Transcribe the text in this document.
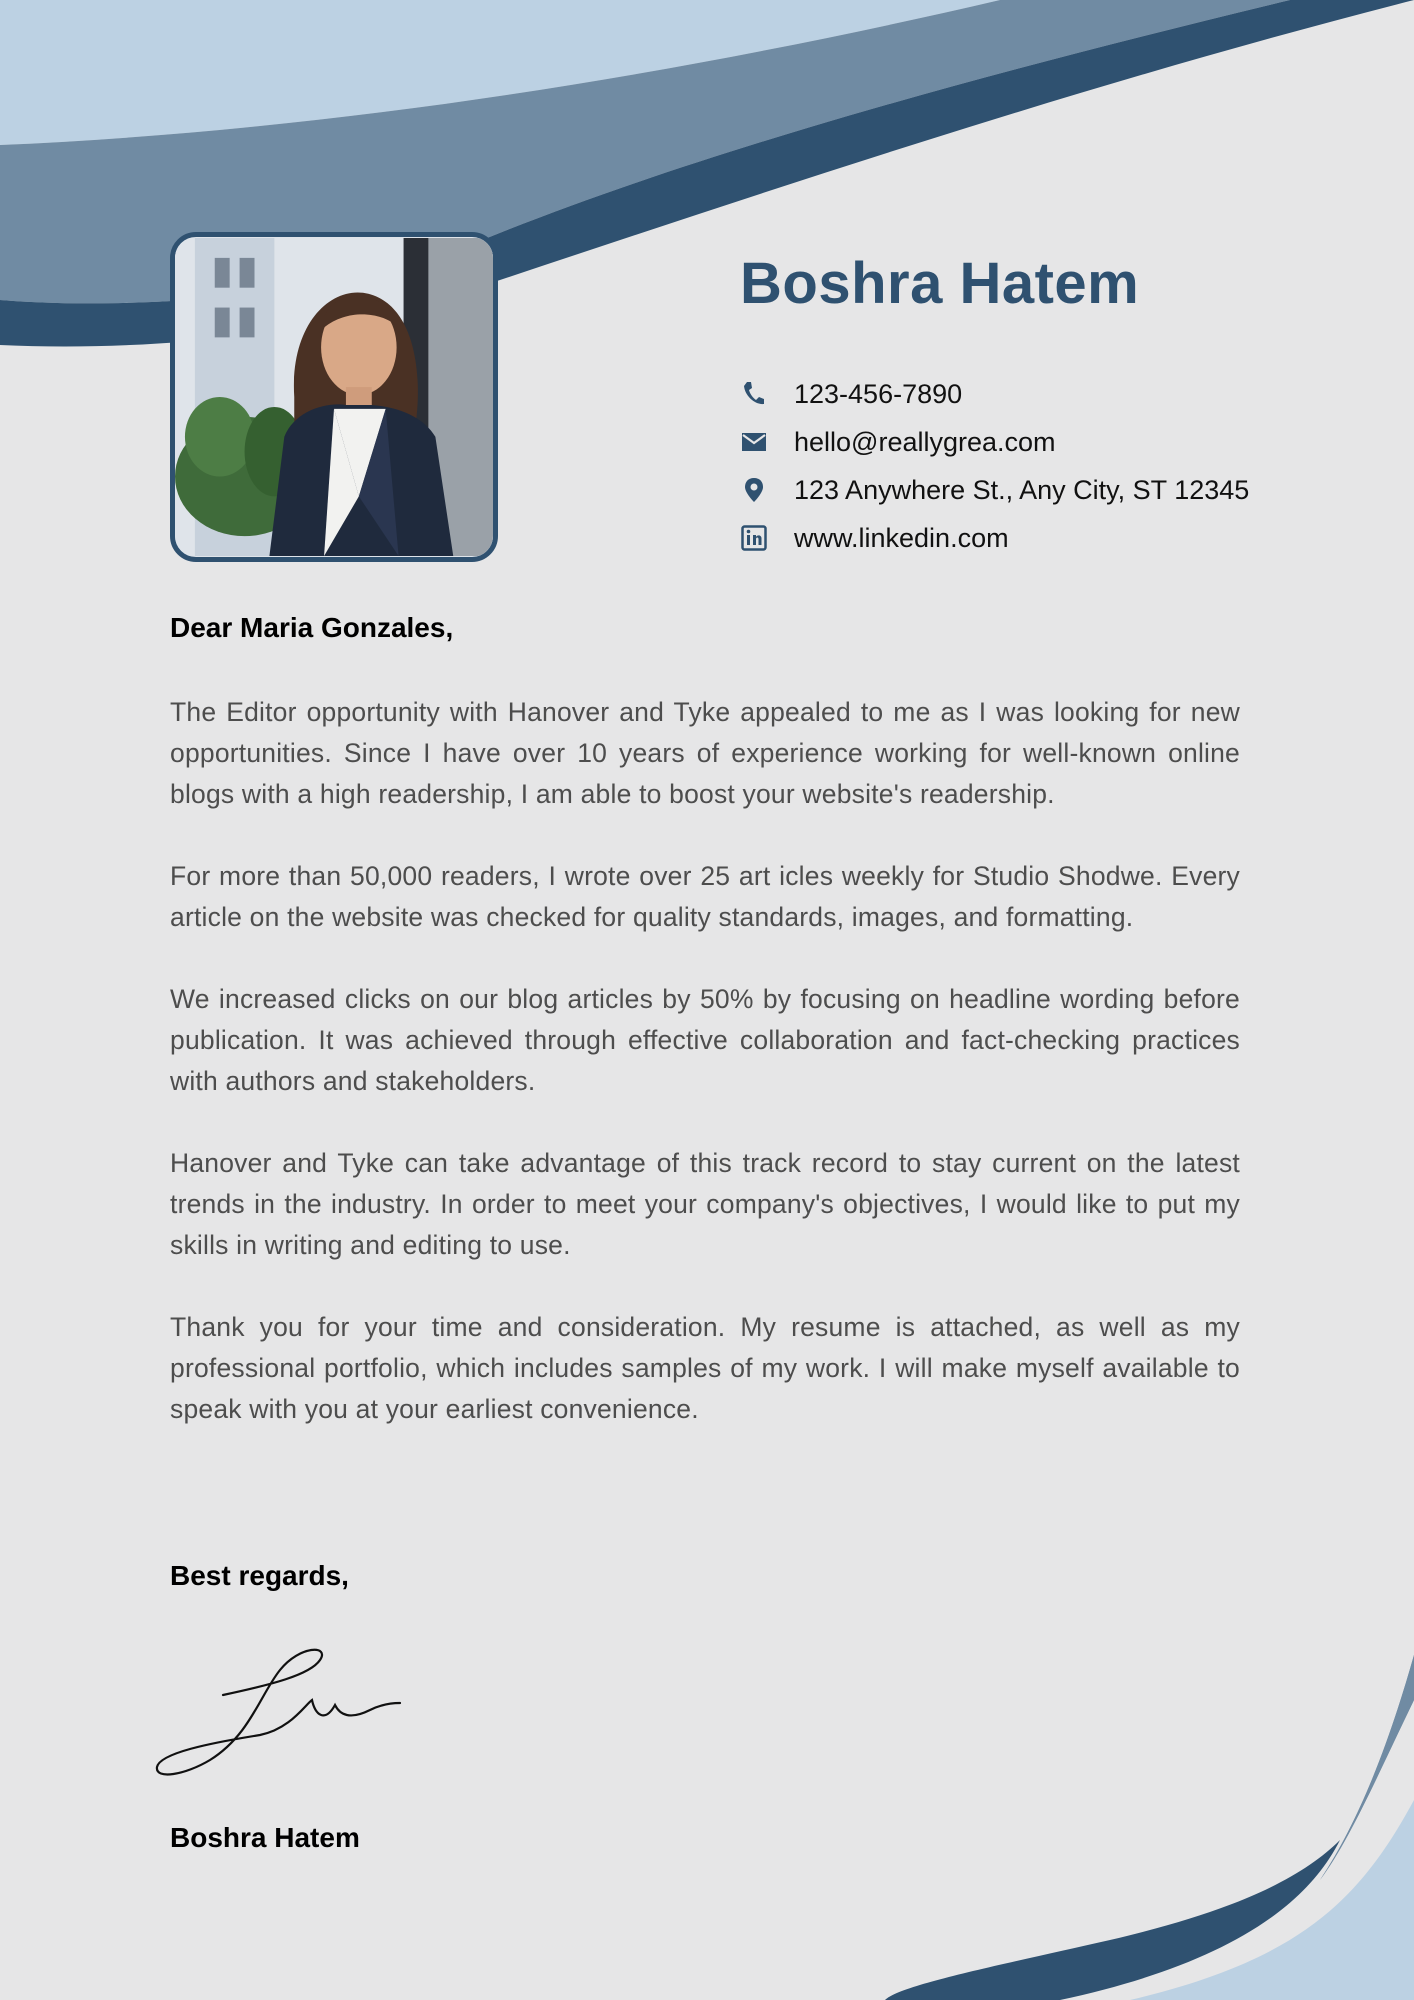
Boshra Hatem
123-456-7890
hello@reallygrea.com
123 Anywhere St., Any City, ST 12345
www.linkedin.com

Dear Maria Gonzales,

The Editor opportunity with Hanover and Tyke appealed to me as I was looking for new opportunities. Since I have over 10 years of experience working for well-known online blogs with a high readership, I am able to boost your website's readership.

For more than 50,000 readers, I wrote over 25 art icles weekly for Studio Shodwe. Every article on the website was checked for quality standards, images, and formatting.

We increased clicks on our blog articles by 50% by focusing on headline wording before publication. It was achieved through effective collaboration and fact-checking practices with authors and stakeholders.

Hanover and Tyke can take advantage of this track record to stay current on the latest trends in the industry. In order to meet your company's objectives, I would like to put my skills in writing and editing to use.

Thank you for your time and consideration. My resume is attached, as well as my professional portfolio, which includes samples of my work. I will make myself available to speak with you at your earliest convenience.

Best regards,
Boshra Hatem
